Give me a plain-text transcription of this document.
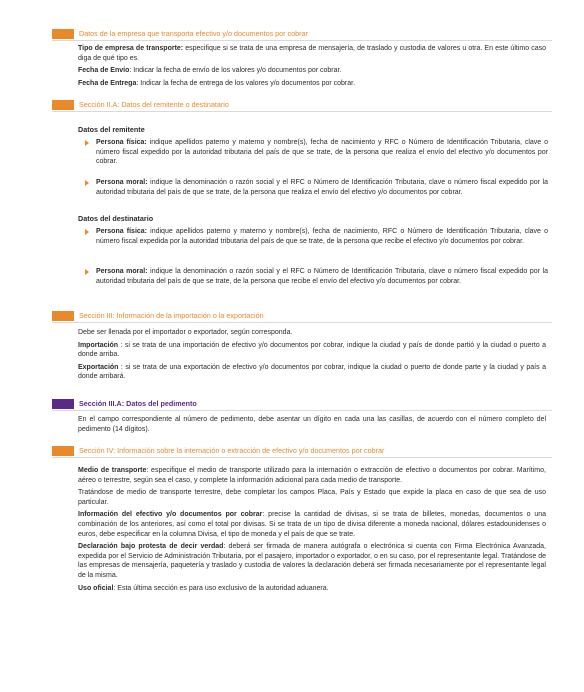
Datos de la empresa que transporta efectivo y/o documentos por cobrar

Tipo de empresa de transporte: especifique si se trata de una empresa de mensajería, de traslado y custodia de valores u otra. En este último caso diga de qué tipo es.

Fecha de Envío: Indicar la fecha de envío de los valores y/o documentos por cobrar.

Fecha de Entrega: Indicar la fecha de entrega de los valores y/o documentos por cobrar.

Sección II.A: Datos del remitente o destinatario
Datos del remitente
Persona física: indique apellidos paterno y materno y nombre(s), fecha de nacimiento y RFC o Número de Identificación Tributaria, clave o número fiscal expedido por la autoridad tributaria del país de que se trate, de la persona que realiza el envío del efectivo y/o documentos por cobrar.
Persona moral: indique la denominación o razón social y el RFC o Número de Identificación Tributaria, clave o número fiscal expedido por la autoridad tributaria del país de que se trate, de la persona que realiza el envío del efectivo y/o documentos por cobrar.
Datos del destinatario
Persona física: indique apellidos paterno y materno y nombre(s), fecha de nacimiento, RFC o Número de Identificación Tributaria, clave o número fiscal expedida por la autoridad tributaria del país de que se trate, de la persona que recibe el efectivo y/o documentos por cobrar.
Persona moral: indique la denominación o razón social y el RFC o Número de Identificación Tributaria, clave o número fiscal expedido por la autoridad tributaria del país de que se trate, de la persona que recibe el envío del efectivo y/o documentos por cobrar.
Sección III: Información de la importación o la exportación

Debe ser llenada por el importador o exportador, según corresponda.

Importación : si se trata de una importación de efectivo y/o documentos por cobrar, indique la ciudad y país de donde partió y la ciudad o puerto a donde arriba.

Exportación : si se trata de una exportación de efectivo y/o documentos por cobrar, indique la ciudad o puerto de donde parte y la ciudad y país a donde arribará.

Sección III.A: Datos del pedimento

En el campo correspondiente al número de pedimento, debe asentar un dígito en cada una las casillas, de acuerdo con el número completo del pedimento (14 dígitos).

Sección IV: Información sobre la internación o extracción de efectivo y/o documentos por cobrar

Medio de transporte: especifique el medio de transporte utilizado para la internación o extracción de efectivo o documentos por cobrar. Marítimo, aéreo o terrestre, según sea el caso, y complete la información adicional para cada medio de transporte.

Tratándose de medio de transporte terrestre, debe completar los campos Placa, País y Estado que expide la placa en caso de que sea de uso particular.

Información del efectivo y/o documentos por cobrar: precise la cantidad de divisas, si se trata de billetes, monedas, documentos o una combinación de los anteriores, así como el total por divisas. Si se trata de un tipo de divisa diferente a moneda nacional, dólares estadounidenses o euros, debe especificar en la columna Divisa, el tipo de moneda y el país de que se trate.

Declaración bajo protesta de decir verdad: deberá ser firmada de manera autógrafa o electrónica si cuenta con Firma Electrónica Avanzada, expedida por el Servicio de Administración Tributaria, por el pasajero, importador o exportador, o en su caso, por el representante legal. Tratándose de las empresas de mensajería, paquetería y traslado y custodia de valores la declaración deberá ser firmada necesariamente por el representante legal de la misma.

Uso oficial: Esta última sección es para uso exclusivo de la autoridad aduanera.
